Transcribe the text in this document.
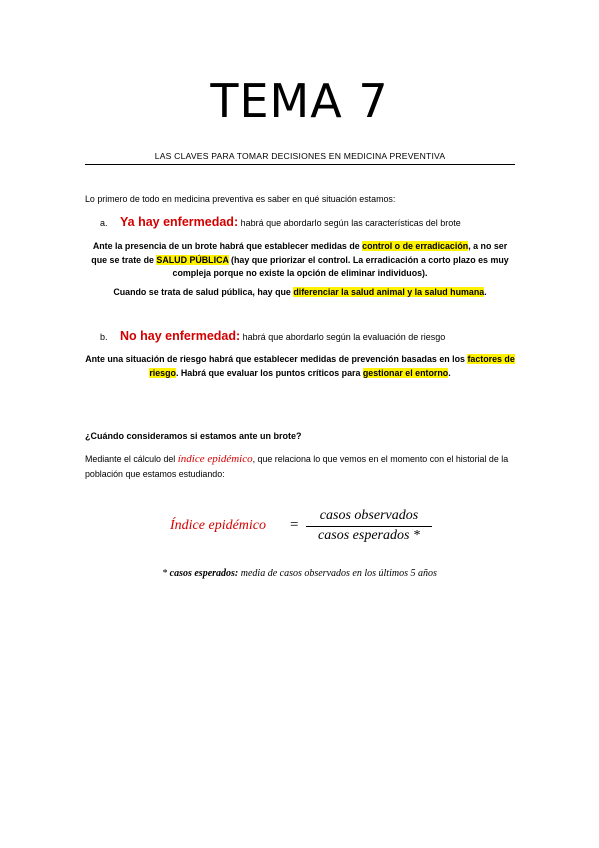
TEMA 7
LAS CLAVES PARA TOMAR DECISIONES EN MEDICINA PREVENTIVA
Lo primero de todo en medicina preventiva es saber en qué situación estamos:
a. Ya hay enfermedad: habrá que abordarlo según las características del brote
Ante la presencia de un brote habrá que establecer medidas de control o de erradicación, a no ser que se trate de SALUD PÚBLICA (hay que priorizar el control. La erradicación a corto plazo es muy compleja porque no existe la opción de eliminar individuos).
Cuando se trata de salud pública, hay que diferenciar la salud animal y la salud humana.
b. No hay enfermedad: habrá que abordarlo según la evaluación de riesgo
Ante una situación de riesgo habrá que establecer medidas de prevención basadas en los factores de riesgo. Habrá que evaluar los puntos críticos para gestionar el entorno.
¿Cuándo consideramos si estamos ante un brote?
Mediante el cálculo del índice epidémico, que relaciona lo que vemos en el momento con el historial de la población que estamos estudiando:
Índice epidémico =
casos observados
casos esperados *
* casos esperados: media de casos observados en los últimos 5 años
